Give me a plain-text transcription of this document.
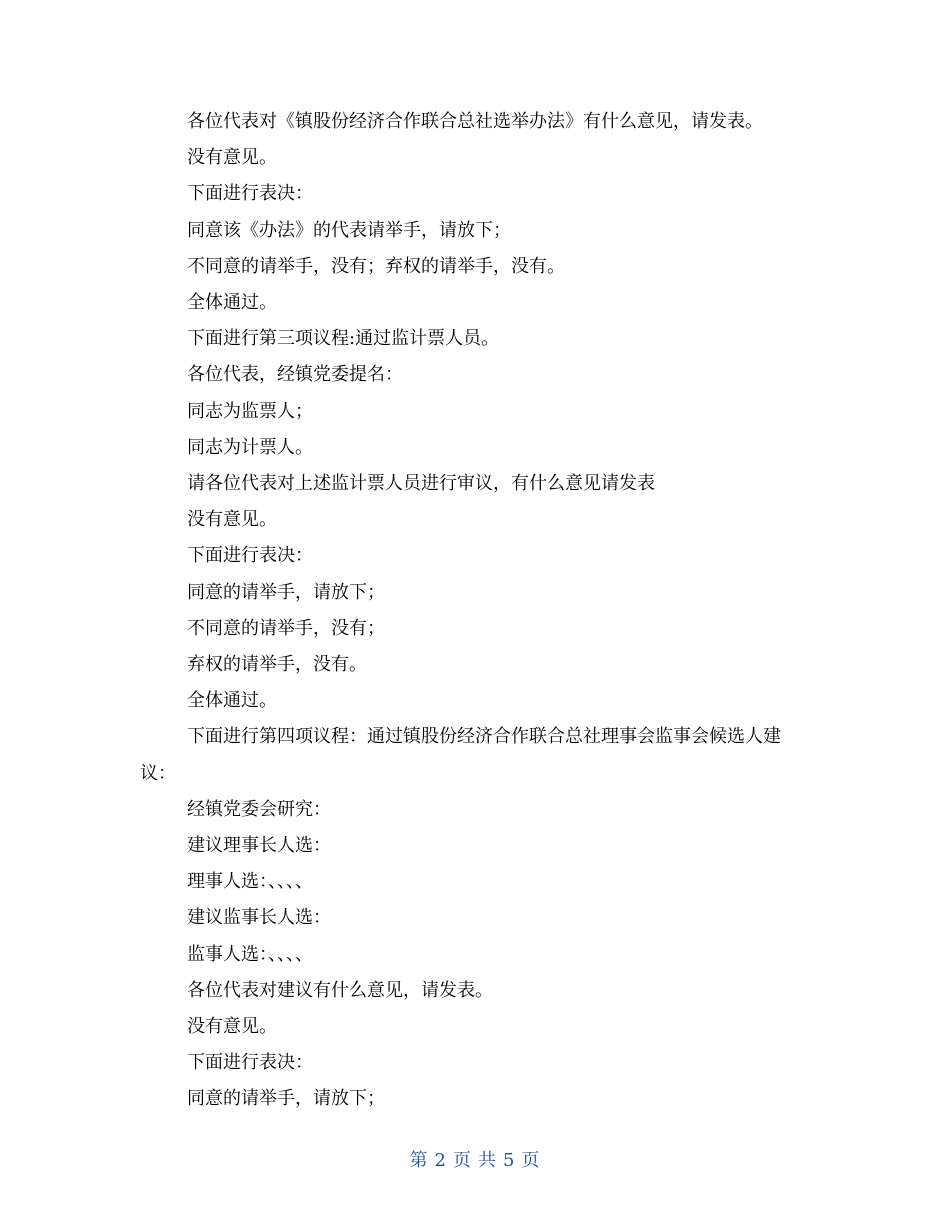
各位代表对《镇股份经济合作联合总社选举办法》有什么意见，请发表。

没有意见。

下面进行表决：

同意该《办法》的代表请举手，请放下；

不同意的请举手，没有；弃权的请举手，没有。

全体通过。

下面进行第三项议程:通过监计票人员。

各位代表，经镇党委提名：

同志为监票人；

同志为计票人。

请各位代表对上述监计票人员进行审议，有什么意见请发表

没有意见。

下面进行表决：

同意的请举手，请放下；

不同意的请举手，没有；

弃权的请举手，没有。

全体通过。

下面进行第四项议程：通过镇股份经济合作联合总社理事会监事会候选人建议：

经镇党委会研究：

建议理事长人选：

理事人选：、、、、

建议监事长人选：

监事人选：、、、、

各位代表对建议有什么意见，请发表。

没有意见。

下面进行表决：

同意的请举手，请放下；

第 2 页 共 5 页
